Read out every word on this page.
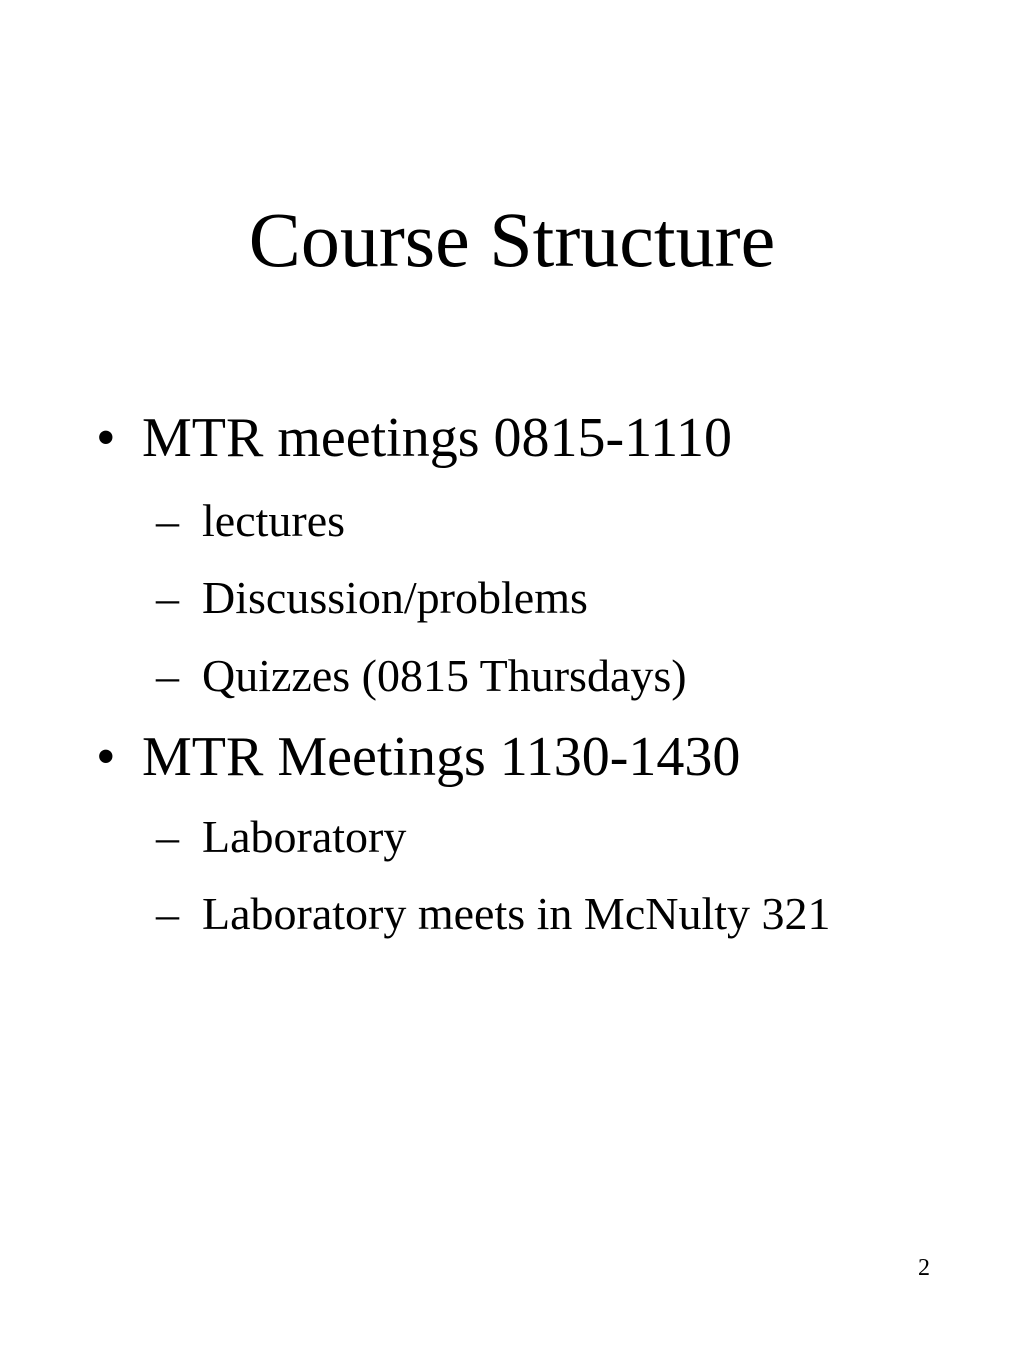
Course Structure
• MTR meetings 0815-1110
– lectures
– Discussion/problems
– Quizzes (0815 Thursdays)
• MTR Meetings 1130-1430
– Laboratory
– Laboratory meets in McNulty 321
2
